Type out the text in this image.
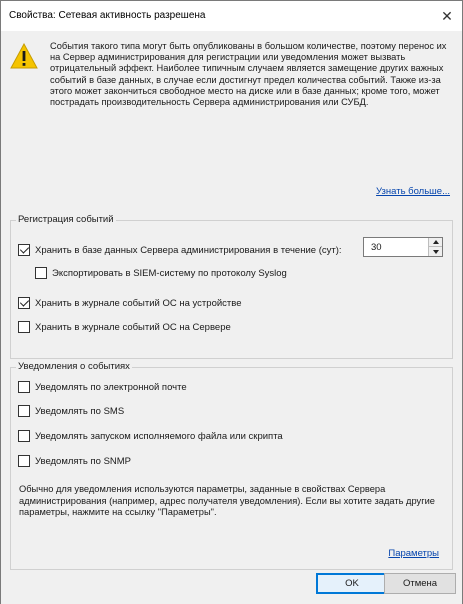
Свойства: Сетевая активность разрешена	✕
События такого типа могут быть опубликованы в большом количестве, поэтому перенос их на Сервер администрирования для регистрации или уведомления может вызвать отрицательный эффект. Наиболее типичным случаем является замещение других важных событий в базе данных, в случае если достигнут предел количества событий. Также из-за этого может закончиться свободное место на диске или в базе данных; кроме того, может пострадать производительность Сервера администрирования или СУБД.
Узнать больше...
Регистрация событий
Хранить в базе данных Сервера администрирования в течение (сут):	30
Экспортировать в SIEM-систему по протоколу Syslog
Хранить в журнале событий ОС на устройстве
Хранить в журнале событий ОС на Сервере
Уведомления о событиях
Обычно для уведомления используются параметры, заданные в свойствах Сервера администрирования (например, адрес получателя уведомления). Если вы хотите задать другие параметры, нажмите на ссылку "Параметры".
Параметры
Уведомлять по электронной почте
Уведомлять по SMS
Уведомлять запуском исполняемого файла или скрипта
Уведомлять по SNMP
OK	Отмена
